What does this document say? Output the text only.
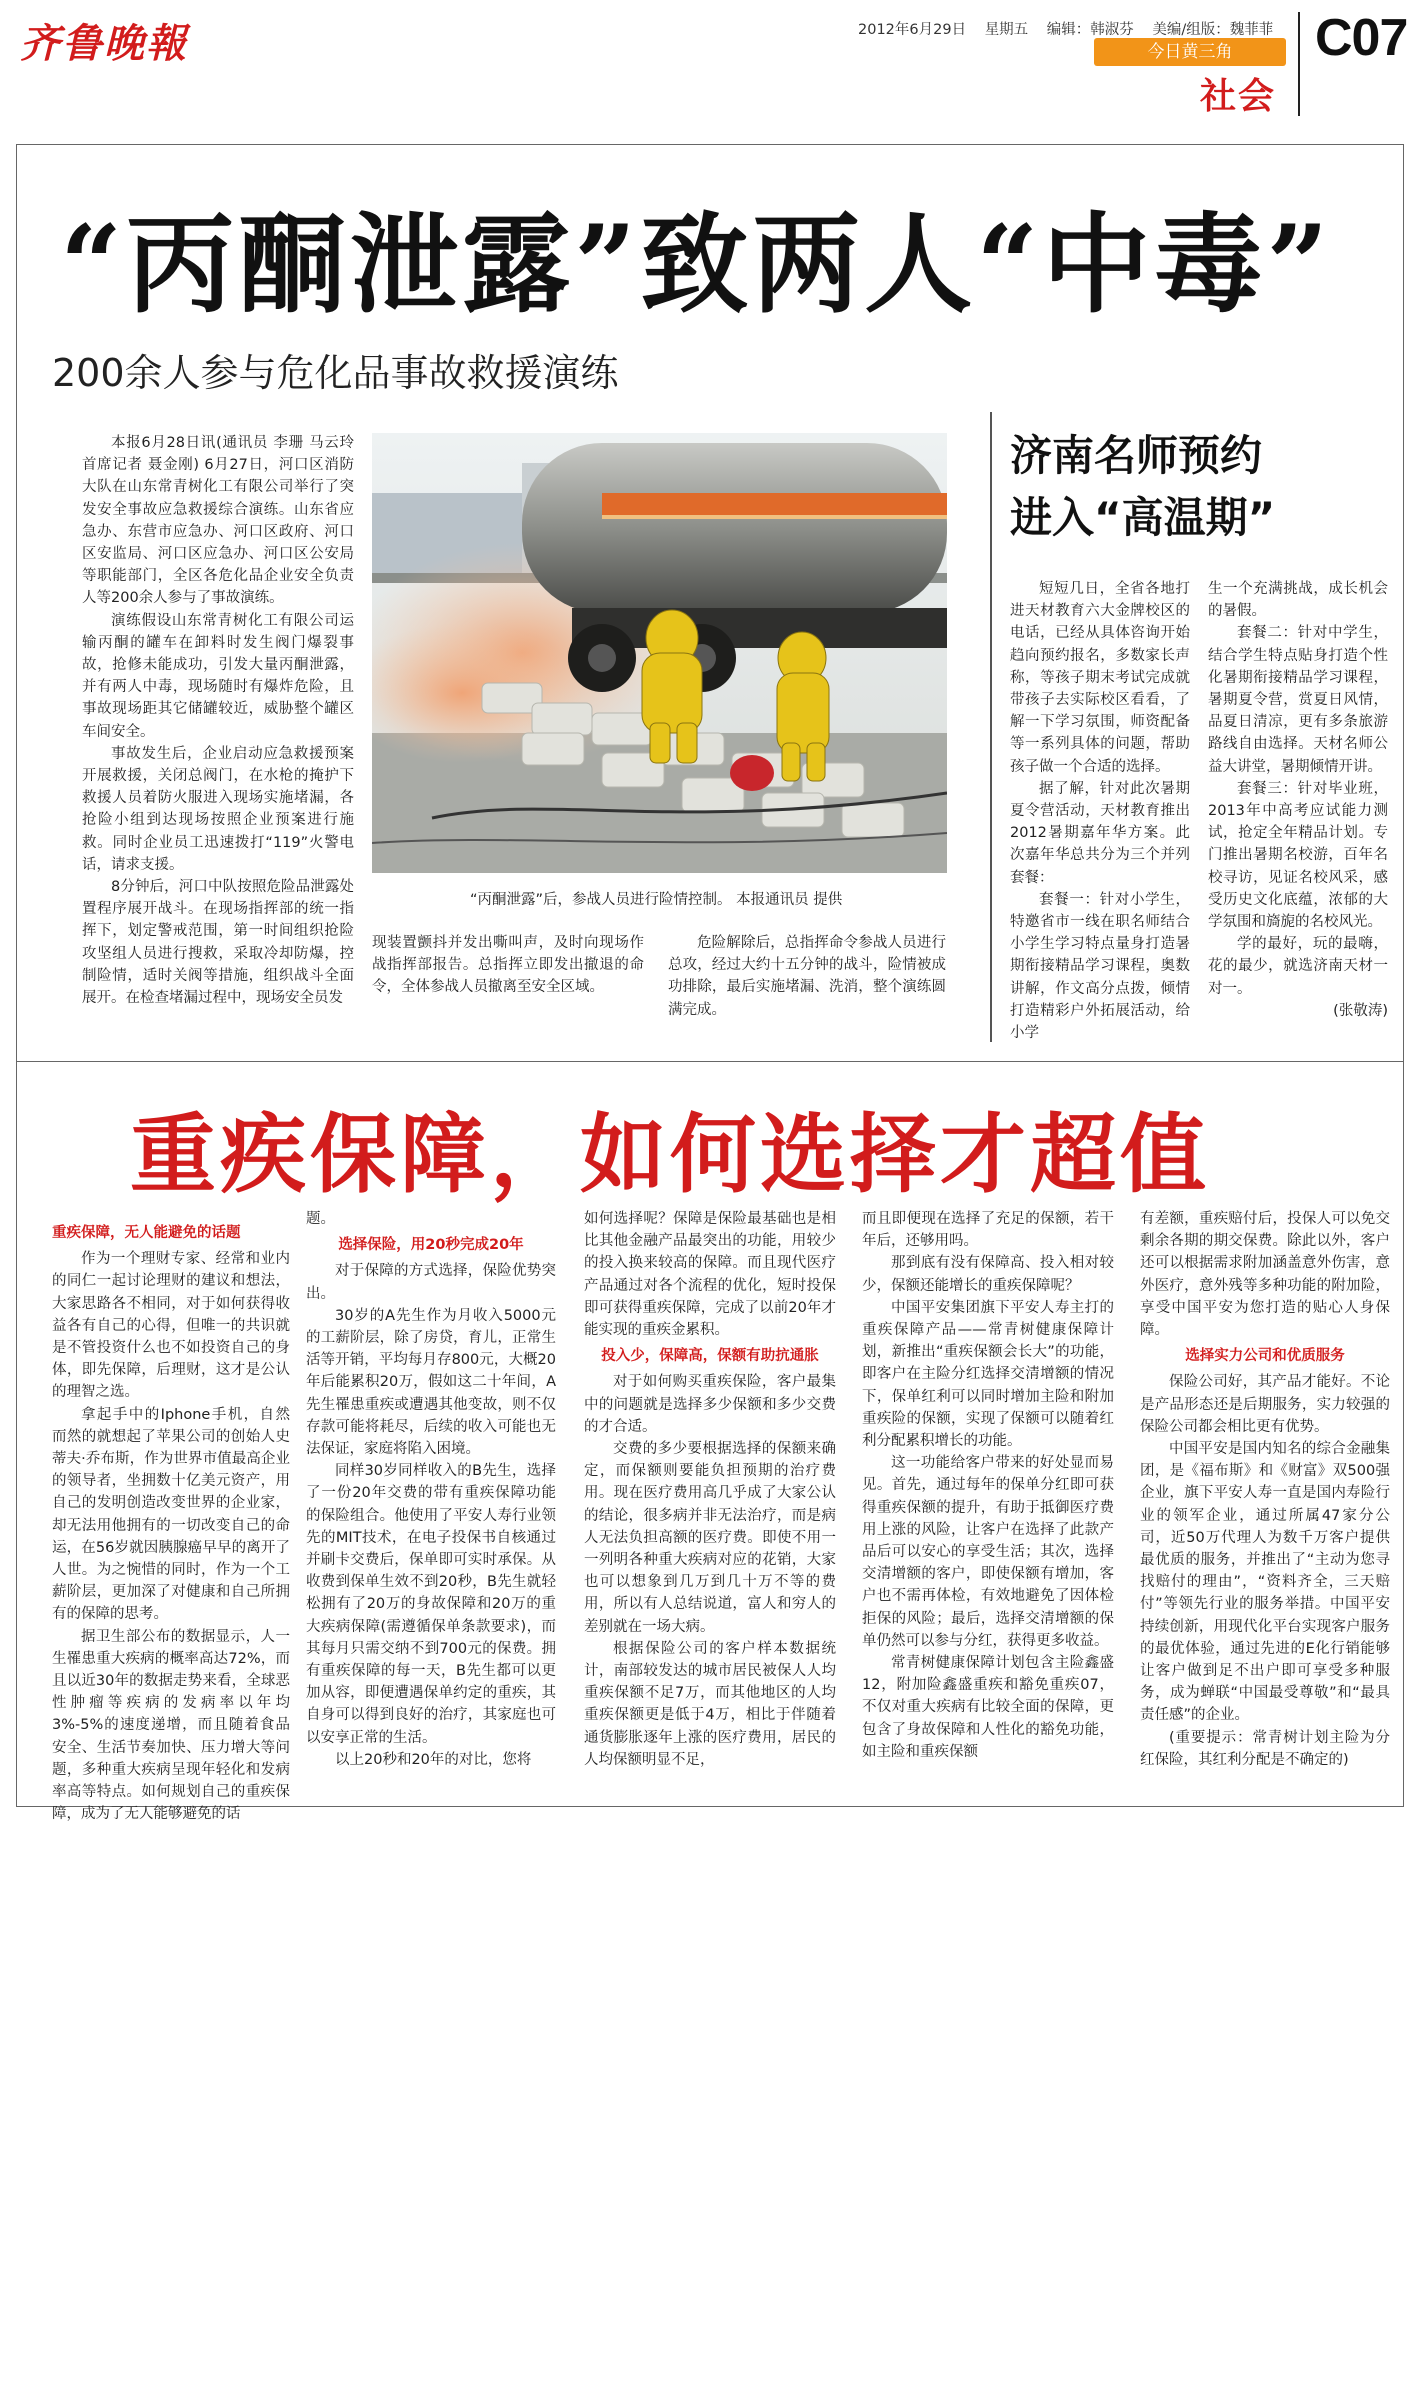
齐鲁晚報	2012年6月29日 星期五 编辑：韩淑芬 美编/组版：魏菲菲
今日黄三角
社会
C07
“丙酮泄露”致两人“中毒”
200余人参与危化品事故救援演练

本报6月28日讯(通讯员 李珊 马云玲 首席记者 聂金刚) 6月27日，河口区消防大队在山东常青树化工有限公司举行了突发安全事故应急救援综合演练。山东省应急办、东营市应急办、河口区政府、河口区安监局、河口区应急办、河口区公安局等职能部门，全区各危化品企业安全负责人等200余人参与了事故演练。

演练假设山东常青树化工有限公司运输丙酮的罐车在卸料时发生阀门爆裂事故，抢修未能成功，引发大量丙酮泄露，并有两人中毒，现场随时有爆炸危险，且事故现场距其它储罐较近，威胁整个罐区车间安全。

事故发生后，企业启动应急救援预案开展救援，关闭总阀门，在水枪的掩护下救援人员着防火服进入现场实施堵漏，各抢险小组到达现场按照企业预案进行施救。同时企业员工迅速拨打“119”火警电话，请求支援。

8分钟后，河口中队按照危险品泄露处置程序展开战斗。在现场指挥部的统一指挥下，划定警戒范围，第一时间组织抢险攻坚组人员进行搜救，采取冷却防爆，控制险情，适时关阀等措施，组织战斗全面展开。在检查堵漏过程中，现场安全员发

“丙酮泄露”后，参战人员进行险情控制。 本报通讯员 提供

现装置颤抖并发出嘶叫声，及时向现场作战指挥部报告。总指挥立即发出撤退的命令，全体参战人员撤离至安全区域。

危险解除后，总指挥命令参战人员进行总攻，经过大约十五分钟的战斗，险情被成功排除，最后实施堵漏、洗消，整个演练圆满完成。

济南名师预约
进入“高温期”

短短几日，全省各地打进天材教育六大金牌校区的电话，已经从具体咨询开始趋向预约报名，多数家长声称，等孩子期末考试完成就带孩子去实际校区看看，了解一下学习氛围，师资配备等一系列具体的问题，帮助孩子做一个合适的选择。

据了解，针对此次暑期夏令营活动，天材教育推出2012暑期嘉年华方案。此次嘉年华总共分为三个并列套餐：

套餐一：针对小学生，特邀省市一线在职名师结合小学生学习特点量身打造暑期衔接精品学习课程，奥数讲解，作文高分点拨，倾情打造精彩户外拓展活动，给小学

生一个充满挑战，成长机会的暑假。

套餐二：针对中学生，结合学生特点贴身打造个性化暑期衔接精品学习课程，暑期夏令营，赏夏日风情，品夏日清凉，更有多条旅游路线自由选择。天材名师公益大讲堂，暑期倾情开讲。

套餐三：针对毕业班，2013年中高考应试能力测试，抢定全年精品计划。专门推出暑期名校游，百年名校寻访，见证名校风采，感受历史文化底蕴，浓郁的大学氛围和旖旎的名校风光。

学的最好，玩的最嗨，花的最少，就选济南天材一对一。

(张敬涛)

重疾保障，如何选择才超值
重疾保障，无人能避免的话题

作为一个理财专家、经常和业内的同仁一起讨论理财的建议和想法，大家思路各不相同，对于如何获得收益各有自己的心得，但唯一的共识就是不管投资什么也不如投资自己的身体，即先保障，后理财，这才是公认的理智之选。

拿起手中的Iphone手机，自然而然的就想起了苹果公司的创始人史蒂夫·乔布斯，作为世界市值最高企业的领导者，坐拥数十亿美元资产，用自己的发明创造改变世界的企业家，却无法用他拥有的一切改变自己的命运，在56岁就因胰腺癌早早的离开了人世。为之惋惜的同时，作为一个工薪阶层，更加深了对健康和自己所拥有的保障的思考。

据卫生部公布的数据显示，人一生罹患重大疾病的概率高达72%，而且以近30年的数据走势来看，全球恶性肿瘤等疾病的发病率以年均3%-5%的速度递增，而且随着食品安全、生活节奏加快、压力增大等问题，多种重大疾病呈现年轻化和发病率高等特点。如何规划自己的重疾保障，成为了无人能够避免的话

题。

选择保险，用20秒完成20年

对于保障的方式选择，保险优势突出。

30岁的A先生作为月收入5000元的工薪阶层，除了房贷，育儿，正常生活等开销，平均每月存800元，大概20年后能累积20万，假如这二十年间，A先生罹患重疾或遭遇其他变故，则不仅存款可能将耗尽，后续的收入可能也无法保证，家庭将陷入困境。

同样30岁同样收入的B先生，选择了一份20年交费的带有重疾保障功能的保险组合。他使用了平安人寿行业领先的MIT技术，在电子投保书自核通过并刷卡交费后，保单即可实时承保。从收费到保单生效不到20秒，B先生就轻松拥有了20万的身故保障和20万的重大疾病保障(需遵循保单条款要求)，而其每月只需交纳不到700元的保费。拥有重疾保障的每一天，B先生都可以更加从容，即便遭遇保单约定的重疾，其自身可以得到良好的治疗，其家庭也可以安享正常的生活。

以上20秒和20年的对比，您将

如何选择呢？保障是保险最基础也是相比其他金融产品最突出的功能，用较少的投入换来较高的保障。而且现代医疗产品通过对各个流程的优化，短时投保即可获得重疾保障，完成了以前20年才能实现的重疾金累积。

投入少，保障高，保额有助抗通胀

对于如何购买重疾保险，客户最集中的问题就是选择多少保额和多少交费的才合适。

交费的多少要根据选择的保额来确定，而保额则要能负担预期的治疗费用。现在医疗费用高几乎成了大家公认的结论，很多病并非无法治疗，而是病人无法负担高额的医疗费。即使不用一一列明各种重大疾病对应的花销，大家也可以想象到几万到几十万不等的费用，所以有人总结说道，富人和穷人的差别就在一场大病。

根据保险公司的客户样本数据统计，南部较发达的城市居民被保人人均重疾保额不足7万，而其他地区的人均重疾保额更是低于4万，相比于伴随着通货膨胀逐年上涨的医疗费用，居民的人均保额明显不足，

而且即便现在选择了充足的保额，若干年后，还够用吗。

那到底有没有保障高、投入相对较少，保额还能增长的重疾保障呢？

中国平安集团旗下平安人寿主打的重疾保障产品——常青树健康保障计划，新推出“重疾保额会长大”的功能，即客户在主险分红选择交清增额的情况下，保单红利可以同时增加主险和附加重疾险的保额，实现了保额可以随着红利分配累积增长的功能。

这一功能给客户带来的好处显而易见。首先，通过每年的保单分红即可获得重疾保额的提升，有助于抵御医疗费用上涨的风险，让客户在选择了此款产品后可以安心的享受生活；其次，选择交清增额的客户，即使保额有增加，客户也不需再体检，有效地避免了因体检拒保的风险；最后，选择交清增额的保单仍然可以参与分红，获得更多收益。

常青树健康保障计划包含主险鑫盛12，附加险鑫盛重疾和豁免重疾07，不仅对重大疾病有比较全面的保障，更包含了身故保障和人性化的豁免功能，如主险和重疾保额

有差额，重疾赔付后，投保人可以免交剩余各期的期交保费。除此以外，客户还可以根据需求附加涵盖意外伤害，意外医疗，意外残等多种功能的附加险，享受中国平安为您打造的贴心人身保障。

选择实力公司和优质服务

保险公司好，其产品才能好。不论是产品形态还是后期服务，实力较强的保险公司都会相比更有优势。

中国平安是国内知名的综合金融集团，是《福布斯》和《财富》双500强企业，旗下平安人寿一直是国内寿险行业的领军企业，通过所属47家分公司，近50万代理人为数千万客户提供最优质的服务，并推出了“主动为您寻找赔付的理由”，“资料齐全，三天赔付”等领先行业的服务举措。中国平安持续创新，用现代化平台实现客户服务的最优体验，通过先进的E化行销能够让客户做到足不出户即可享受多种服务，成为蝉联“中国最受尊敬”和“最具责任感”的企业。

(重要提示：常青树计划主险为分红保险，其红利分配是不确定的)
